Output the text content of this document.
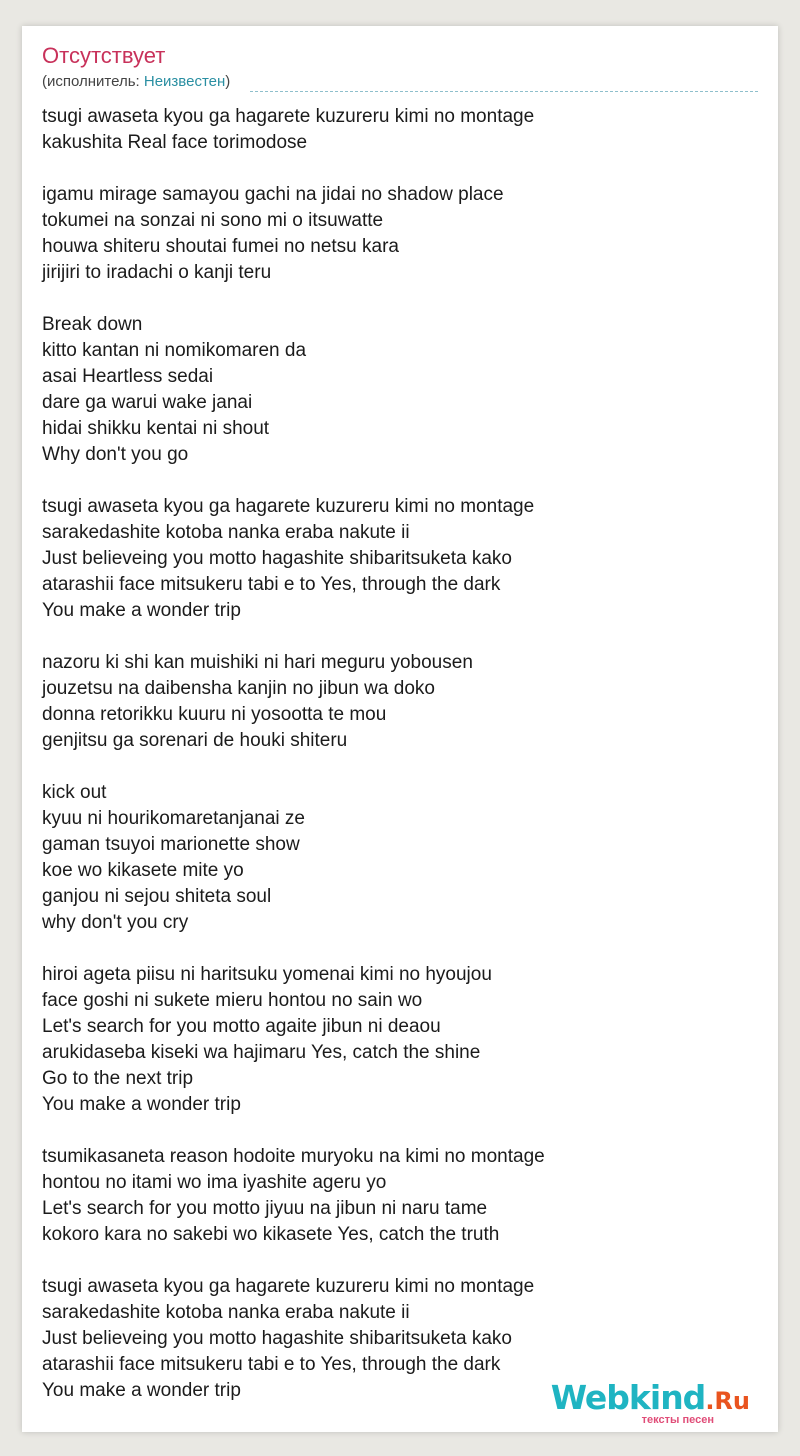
Отсутствует
(исполнитель: Неизвестен)
tsugi awaseta kyou ga hagarete kuzureru kimi no montage
kakushita Real face torimodose
igamu mirage samayou gachi na jidai no shadow place
tokumei na sonzai ni sono mi o itsuwatte
houwa shiteru shoutai fumei no netsu kara
jirijiri to iradachi o kanji teru
Break down
kitto kantan ni nomikomaren da
asai Heartless sedai
dare ga warui wake janai
hidai shikku kentai ni shout
Why don't you go
tsugi awaseta kyou ga hagarete kuzureru kimi no montage
sarakedashite kotoba nanka eraba nakute ii
Just believeing you motto hagashite shibaritsuketa kako
atarashii face mitsukeru tabi e to Yes, through the dark
You make a wonder trip
nazoru ki shi kan muishiki ni hari meguru yobousen
jouzetsu na daibensha kanjin no jibun wa doko
donna retorikku kuuru ni yosootta te mou
genjitsu ga sorenari de houki shiteru
kick out
kyuu ni hourikomaretanjanai ze
gaman tsuyoi marionette show
koe wo kikasete mite yo
ganjou ni sejou shiteta soul
why don't you cry
hiroi ageta piisu ni haritsuku yomenai kimi no hyoujou
face goshi ni sukete mieru hontou no sain wo
Let's search for you motto agaite jibun ni deaou
arukidaseba kiseki wa hajimaru Yes, catch the shine
Go to the next trip
You make a wonder trip
tsumikasaneta reason hodoite muryoku na kimi no montage
hontou no itami wo ima iyashite ageru yo
Let's search for you motto jiyuu na jibun ni naru tame
kokoro kara no sakebi wo kikasete Yes, catch the truth
tsugi awaseta kyou ga hagarete kuzureru kimi no montage
sarakedashite kotoba nanka eraba nakute ii
Just believeing you motto hagashite shibaritsuketa kako
atarashii face mitsukeru tabi e to Yes, through the dark
You make a wonder trip	Webkind.Ru
тексты песен
